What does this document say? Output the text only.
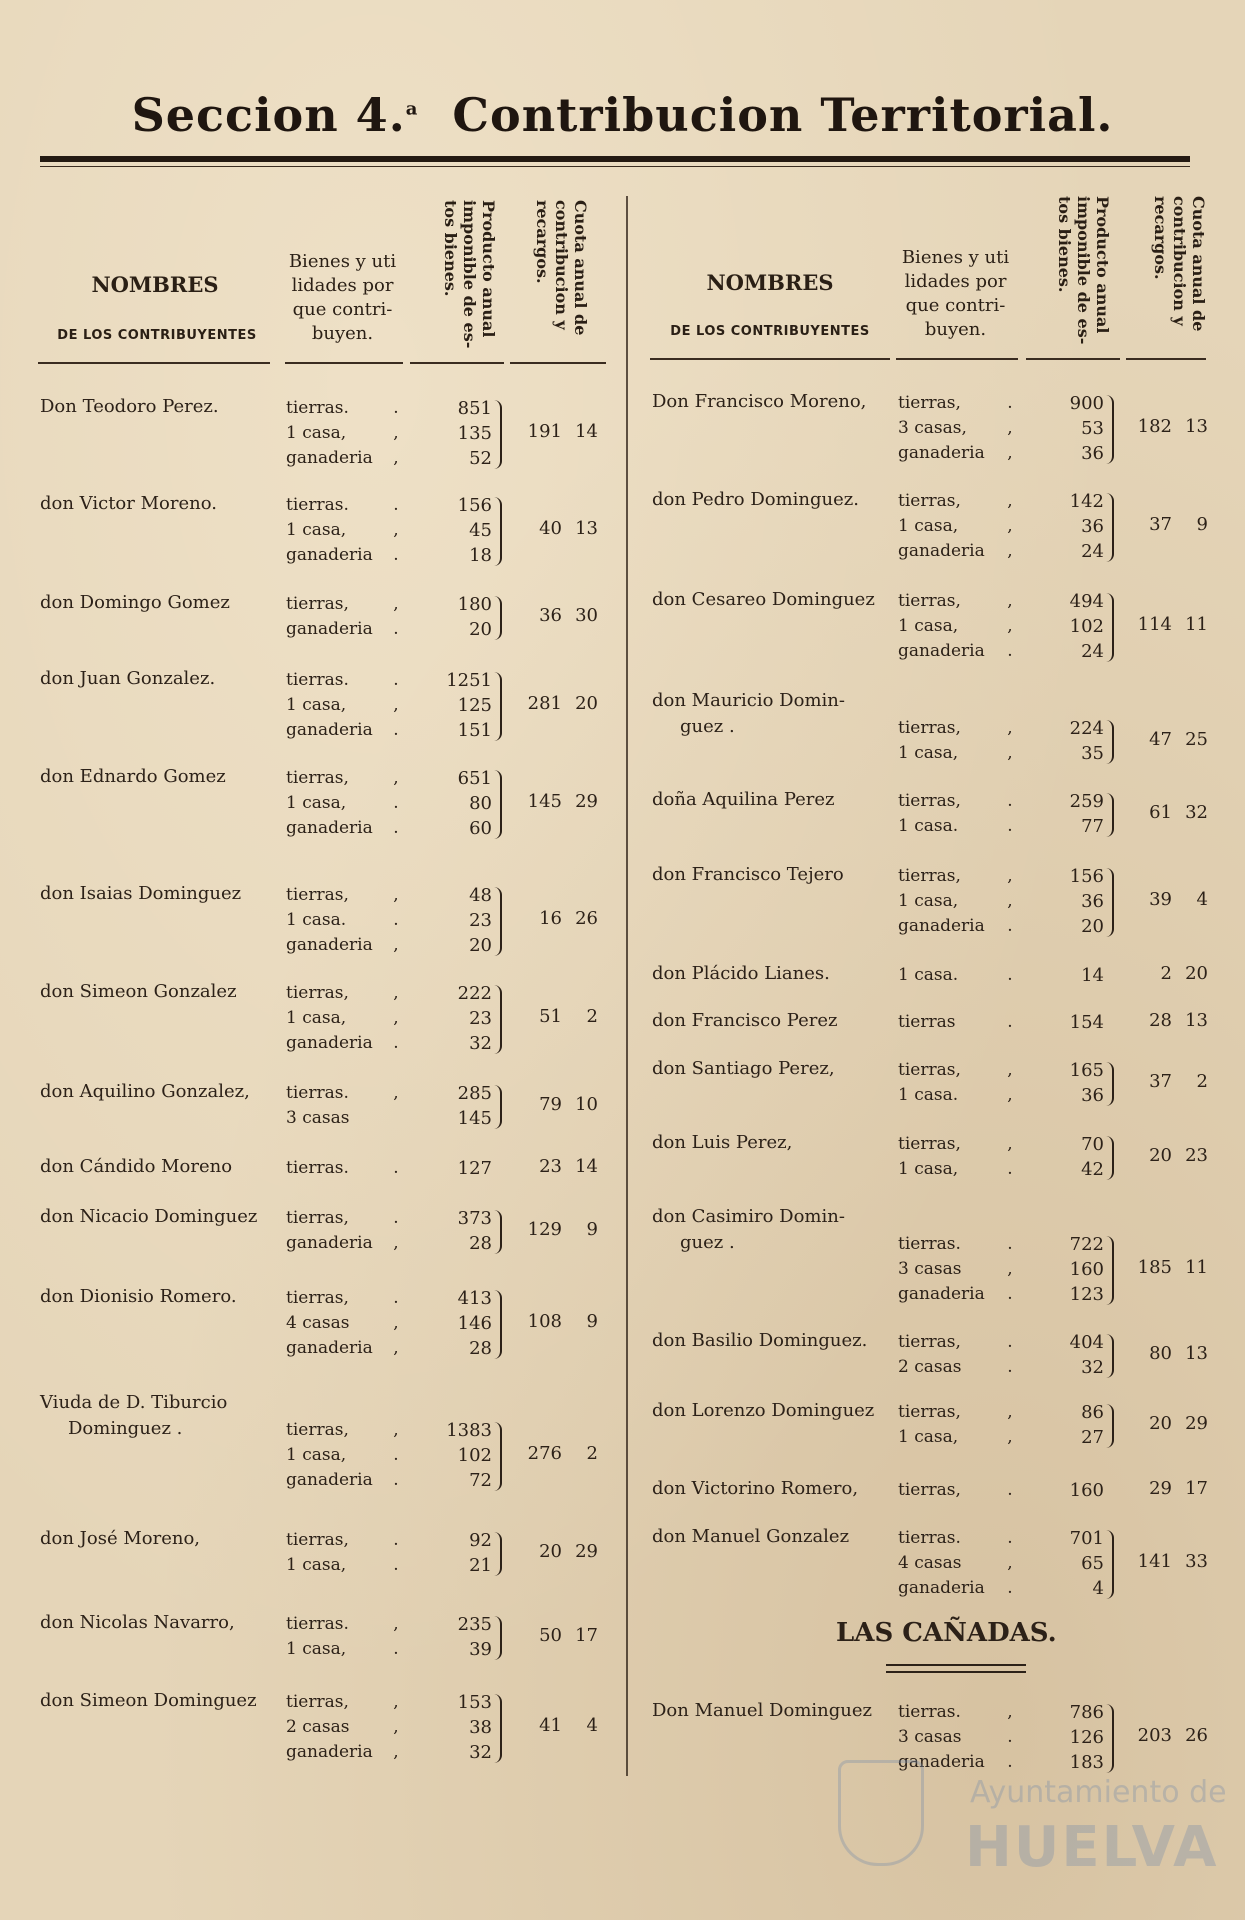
Seccion 4.$^a$ Contribucion Territorial.
NOMBRES
DE LOS CONTRIBUYENTES
Bienes y uti
lidades por
que contri-
buyen.	Producto anual imponible de es- tos bienes.	Cuota anual de contribucion y recargos.	NOMBRES
DE LOS CONTRIBUYENTES
Bienes y uti
lidades por
que contri-
buyen.	Producto anual imponible de es- tos bienes.	Cuota anual de contribucion y recargos.
Don Teodoro Perez.	tierras.	.	851
1 casa,	,	135
ganaderia	,	52
191 14
don Victor Moreno.	tierras.	.	156
1 casa,	,	45
ganaderia	.	18
40 13
don Domingo Gomez	tierras,	,	180
ganaderia	.	20
36 30
don Juan Gonzalez.	tierras.	.	1251
1 casa,	,	125
ganaderia	.	151
281 20
don Ednardo Gomez	tierras,	,	651
1 casa,	.	80
ganaderia	.	60
145 29
don Isaias Dominguez	tierras,	,	48
1 casa.	.	23
ganaderia	,	20
16 26
don Simeon Gonzalez	tierras,	,	222
1 casa,	,	23
ganaderia	.	32
51 2
don Aquilino Gonzalez, tierras.	,	285
3 casas	145
79 10
don Cándido Moreno	tierras.	.	127	23 14
don Nicacio Dominguez tierras,	.	373
ganaderia	,	28
129 9
don Dionisio Romero.	tierras,	.	413
4 casas	,	146
ganaderia	,	28
108 9
Viuda de D. Tiburcio
Dominguez .	tierras,	,	1383
1 casa,	.	102
ganaderia	.	72
276 2
don José Moreno,	tierras,	.	92
1 casa,	.	21
20 29
don Nicolas Navarro,	tierras.	,	235
1 casa,	.	39
50 17
don Simeon Dominguez tierras,	,	153
2 casas	,	38
ganaderia	,	32
41 4
Don Francisco Moreno, tierras,	.	900
3 casas,	,	53
ganaderia	,	36
182 13
don Pedro Dominguez. tierras,	,	142
1 casa,	,	36
ganaderia	,	24
37 9
don Cesareo Dominguez tierras,	,	494
1 casa,	,	102
ganaderia	.	24
114 11
don Mauricio Domin-
guez .	tierras,	,	224
1 casa,	,	35
47 25
doña Aquilina Perez	tierras,	.	259
1 casa.	.	77
61 32
don Francisco Tejero	tierras,	,	156
1 casa,	,	36
ganaderia	.	20
39 4
don Plácido Lianes.	1 casa.	.	14	2 20
don Francisco Perez	tierras	.	154	28 13
don Santiago Perez,	tierras,	,	165
1 casa.	,	36
37 2
don Luis Perez,	tierras,	,	70
1 casa,	.	42
20 23
don Casimiro Domin-
guez .	tierras.	.	722
3 casas	,	160
ganaderia	.	123
185 11
don Basilio Dominguez. tierras,	.	404
2 casas	.	32
80 13
don Lorenzo Dominguez tierras,	,	86
1 casa,	,	27
20 29
don Victorino Romero, tierras,	.	160	29 17
don Manuel Gonzalez	tierras.	.	701
4 casas	,	65
ganaderia	.	4
141 33
Don Manuel Dominguez tierras.	,	786
3 casas	.	126
ganaderia	.	183
203 26
LAS CAÑADAS.
Ayuntamiento de
HUELVA
